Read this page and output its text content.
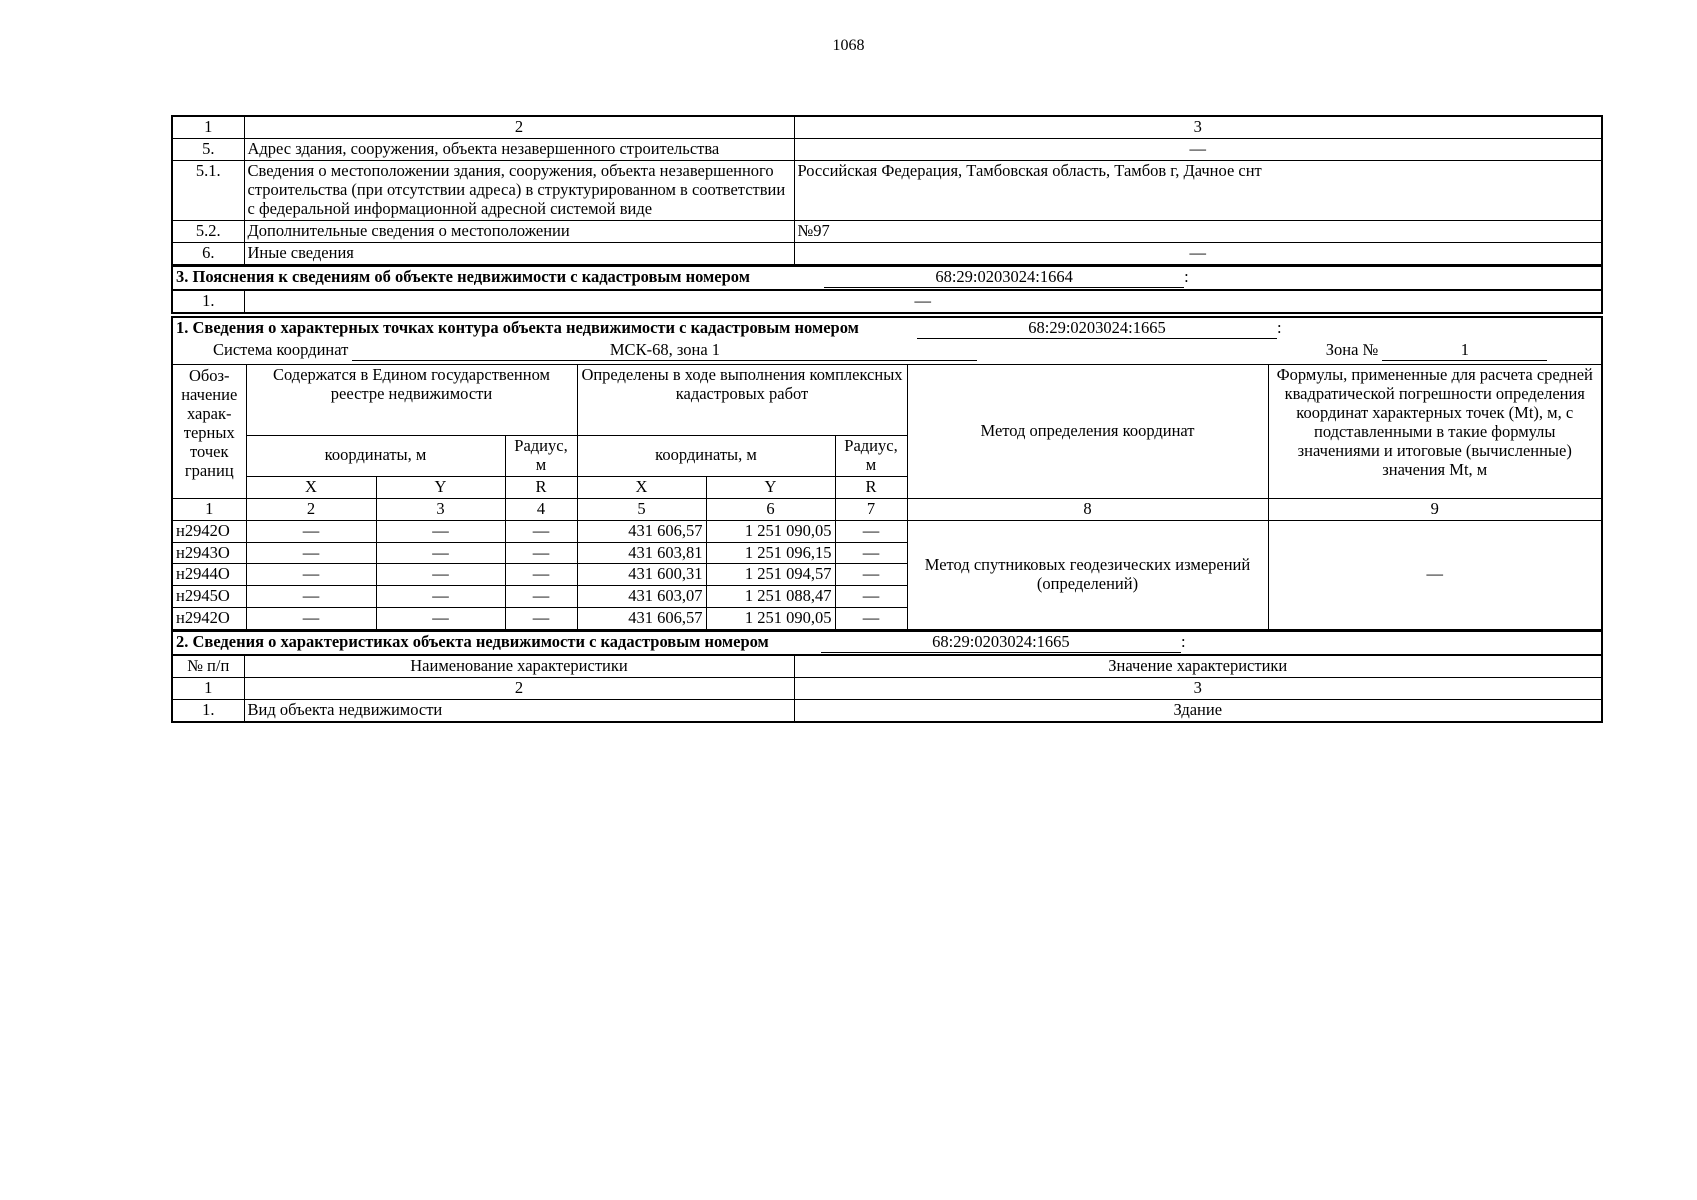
1068
1	2	3
5.	Адрес здания, сооружения, объекта незавершенного строительства	—
5.1.	Сведения о местоположении здания, сооружения, объекта незавершенного строительства (при отсутствии адреса) в структурированном в соответствии с федеральной информационной адресной системой виде	Российская Федерация, Тамбовская область, Тамбов г, Дачное снт
5.2.	Дополнительные сведения о местоположении	№97
6.	Иные сведения	—
3. Пояснения к сведениям об объекте недвижимости с кадастровым номером	68:29:0203024:1664	:
1.	—
1. Сведения о характерных точках контура объекта недвижимости с кадастровым номером 68:29:0203024:1665 :								
Система координат МСК-68, зона 1 Зона № 1								
Обоз-начение харак-терных точек границ	Содержатся в Едином государственном реестре недвижимости			Определены в ходе выполнения комплексных кадастровых работ			Метод определения координат	Формулы, примененные для расчета средней квадратической погрешности определения координат характерных точек (Mt), м, с подставленными в такие формулы значениями и итоговые (вычисленные) значения Mt, м
	координаты, м		Радиус, м	координаты, м		Радиус, м		
	X	Y	R	X	Y	R		
1	2	3	4	5	6	7	8	9
н2942О	—	—	—	431 606,57	1 251 090,05	—	Метод спутниковых геодезических измерений (определений)	—
н2943О	—	—	—	431 603,81	1 251 096,15	—		
н2944О	—	—	—	431 600,31	1 251 094,57	—		
н2945О	—	—	—	431 603,07	1 251 088,47	—		
н2942О	—	—	—	431 606,57	1 251 090,05	—		
2. Сведения о характеристиках объекта недвижимости с кадастровым номером 68:29:0203024:1665 :		
№ п/п	Наименование характеристики	Значение характеристики
1	2	3
1.	Вид объекта недвижимости	Здание
